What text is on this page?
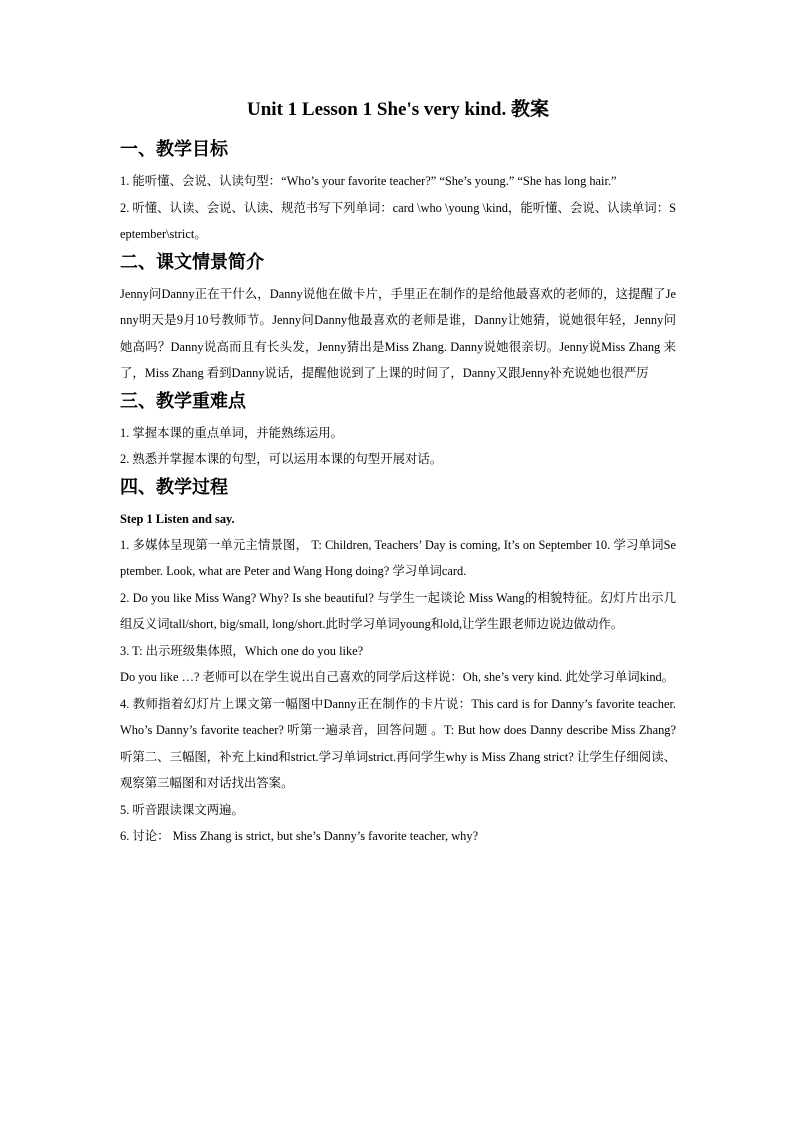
Unit 1 Lesson 1 She's very kind. 教案
一、教学目标

1. 能听懂、会说、认读句型：“Who’s your favorite teacher?” “She’s young.” “She has long hair.”

2. 听懂、认读、会说、认读、规范书写下列单词：card \who \young \kind，能听懂、会说、认读单词：September\strict。

二、课文情景简介

Jenny问Danny正在干什么，Danny说他在做卡片，手里正在制作的是给他最喜欢的老师的，这提醒了Jenny明天是9月10号教师节。Jenny问Danny他最喜欢的老师是谁，Danny让她猜，说她很年轻，Jenny问她高吗？Danny说高而且有长头发，Jenny猜出是Miss Zhang. Danny说她很亲切。Jenny说Miss Zhang 来了，Miss Zhang 看到Danny说话，提醒他说到了上课的时间了，Danny又跟Jenny补充说她也很严厉

三、教学重难点

1. 掌握本课的重点单词，并能熟练运用。

2. 熟悉并掌握本课的句型，可以运用本课的句型开展对话。

四、教学过程

Step 1 Listen and say.

1. 多媒体呈现第一单元主情景图， T: Children, Teachers’ Day is coming, It’s on September 10. 学习单词September. Look, what are Peter and Wang Hong doing? 学习单词card.

2. Do you like Miss Wang? Why? Is she beautiful? 与学生一起谈论 Miss Wang的相貌特征。幻灯片出示几组反义词tall/short, big/small, long/short.此时学习单词young和old,让学生跟老师边说边做动作。

3. T: 出示班级集体照，Which one do you like?

Do you like …? 老师可以在学生说出自己喜欢的同学后这样说：Oh, she’s very kind. 此处学习单词kind。

4. 教师指着幻灯片上课文第一幅图中Danny正在制作的卡片说：This card is for Danny’s favorite teacher. Who’s Danny’s favorite teacher? 听第一遍录音，回答问题 。T: But how does Danny describe Miss Zhang? 听第二、三幅图，补充上kind和strict.学习单词strict.再问学生why is Miss Zhang strict? 让学生仔细阅读、观察第三幅图和对话找出答案。

5. 听音跟读课文两遍。

6. 讨论： Miss Zhang is strict, but she’s Danny’s favorite teacher, why?
